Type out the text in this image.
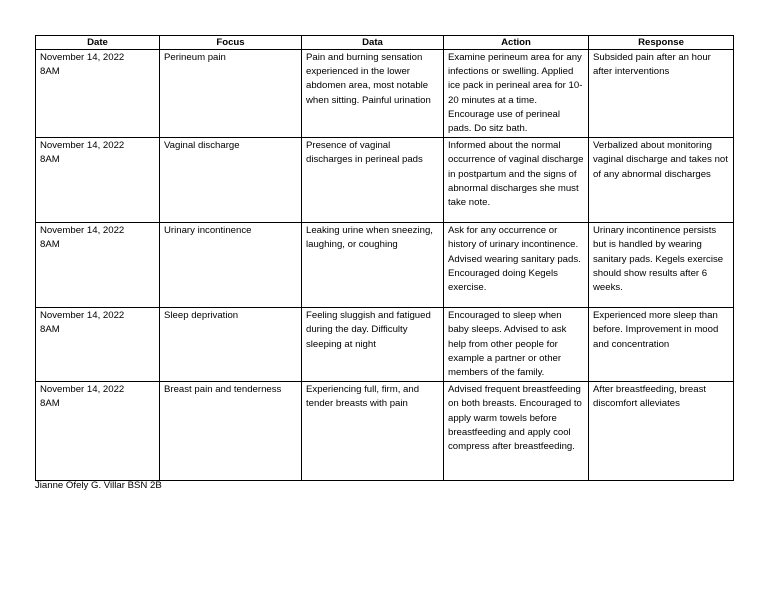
Date	Focus	Data	Action	Response

November 14, 2022
8AM	Perineum pain	Pain and burning sensation experienced in the lower abdomen area, most notable when sitting. Painful urination	Examine perineum area for any infections or swelling. Applied ice pack in perineal area for 10-20 minutes at a time. Encourage use of perineal pads. Do sitz bath.	Subsided pain after an hour after interventions

November 14, 2022
8AM	Vaginal discharge	Presence of vaginal discharges in perineal pads	Informed about the normal occurrence of vaginal discharge in postpartum and the signs of abnormal discharges she must take note.	Verbalized about monitoring vaginal discharge and takes not of any abnormal discharges

November 14, 2022
8AM	Urinary incontinence	Leaking urine when sneezing, laughing, or coughing	Ask for any occurrence or history of urinary incontinence. Advised wearing sanitary pads. Encouraged doing Kegels exercise.	Urinary incontinence persists but is handled by wearing sanitary pads. Kegels exercise should show results after 6 weeks.

November 14, 2022
8AM	Sleep deprivation	Feeling sluggish and fatigued during the day. Difficulty sleeping at night	Encouraged to sleep when baby sleeps. Advised to ask help from other people for example a partner or other members of the family.	Experienced more sleep than before. Improvement in mood and concentration

November 14, 2022
8AM	Breast pain and tenderness	Experiencing full, firm, and tender breasts with pain	Advised frequent breastfeeding on both breasts. Encouraged to apply warm towels before breastfeeding and apply cool compress after breastfeeding.	After breastfeeding, breast discomfort alleviates
Jianne Ofely G. Villar BSN 2B
